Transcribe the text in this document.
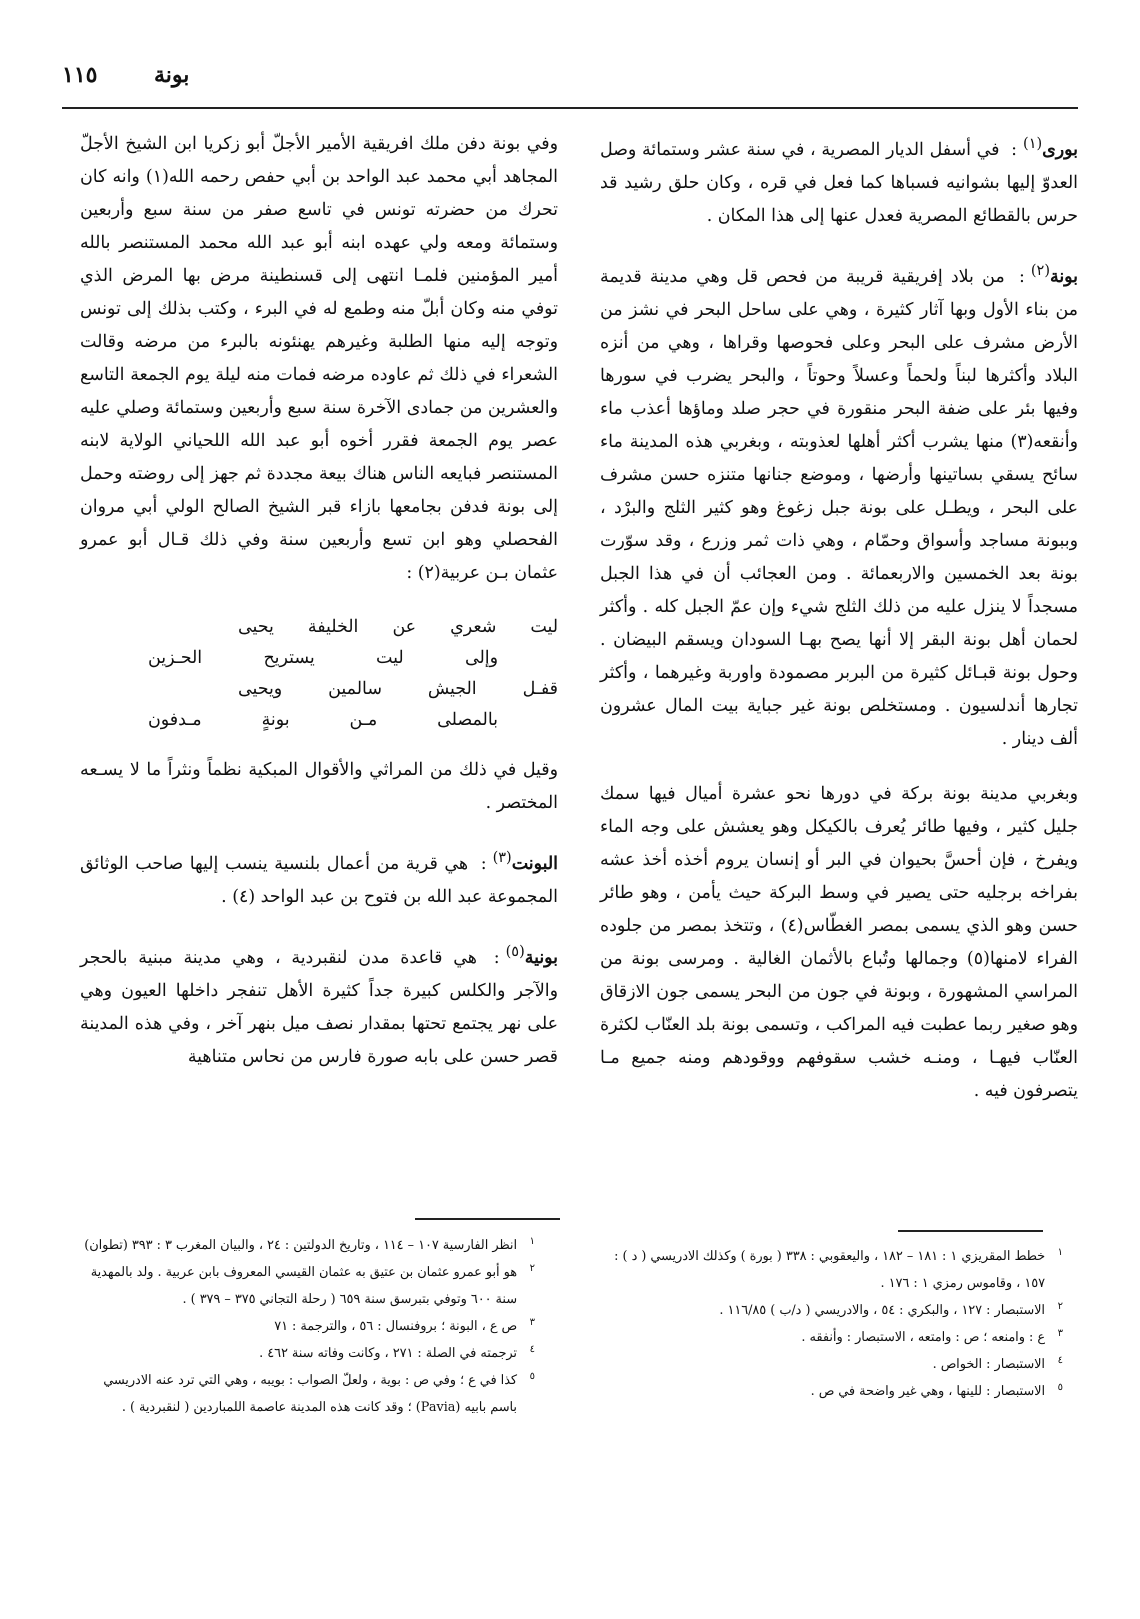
بونة
١١٥
بورى$^{(١)}$: في أسفل الديار المصرية ، في سنة عشر وستمائة وصل العدوّ إليها بشوانيه فسباها كما فعل في قره ، وكان حلق رشيد قد حرس بالقطائع المصرية فعدل عنها إلى هذا المكان .
بونة$^{(٢)}$: من بلاد إفريقية قريبة من فحص قل وهي مدينة قديمة من بناء الأول وبها آثار كثيرة ، وهي على ساحل البحر في نشز من الأرض مشرف على البحر وعلى فحوصها وقراها ، وهي من أنزه البلاد وأكثرها لبناً ولحماً وعسلاً وحوتاً ، والبحر يضرب في سورها وفيها بئر على ضفة البحر منقورة في حجر صلد وماؤها أعذب ماء وأنقعه(٣) منها يشرب أكثر أهلها لعذوبته ، وبغربي هذه المدينة ماء سائح يسقي بساتينها وأرضها ، وموضع جنانها متنزه حسن مشرف على البحر ، ويطـل على بونة جبل زغوغ وهو كثير الثلج والبرْد ، وببونة مساجد وأسواق وحمّام ، وهي ذات ثمر وزرع ، وقد سوّرت بونة بعد الخمسين والاربعمائة . ومن العجائب أن في هذا الجبل مسجداً لا ينزل عليه من ذلك الثلج شيء وإن عمّ الجبل كله . وأكثر لحمان أهل بونة البقر إلا أنها يصح بهـا السودان ويسقم البيضان . وحول بونة قبـائل كثيرة من البربر مصمودة واوربة وغيرهما ، وأكثر تجارها أندلسيون . ومستخلص بونة غير جباية بيت المال عشرون ألف دينار .
وبغربي مدينة بونة بركة في دورها نحو عشرة أميال فيها سمك جليل كثير ، وفيها طائر يُعرف بالكيكل وهو يعشش على وجه الماء ويفرخ ، فإن أحسَّ بحيوان في البر أو إنسان يروم أخذه أخذ عشه بفراخه برجليه حتى يصير في وسط البركة حيث يأمن ، وهو طائر حسن وهو الذي يسمى بمصر الغطّاس(٤) ، وتتخذ بمصر من جلوده الفراء لامنها(٥) وجمالها وتُباع بالأثمان الغالية . ومرسى بونة من المراسي المشهورة ، وبونة في جون من البحر يسمى جون الازقاق وهو صغير ربما عطبت فيه المراكب ، وتسمى بونة بلد العنّاب لكثرة العنّاب فيهـا ، ومنـه خشب سقوفهم ووقودهم ومنه جميع مـا يتصرفون فيه .
وفي بونة دفن ملك افريقية الأمير الأجلّ أبو زكريا ابن الشيخ الأجلّ المجاهد أبي محمد عبد الواحد بن أبي حفص رحمه الله(١) وانه كان تحرك من حضرته تونس في تاسع صفر من سنة سبع وأربعين وستمائة ومعه ولي عهده ابنه أبو عبد الله محمد المستنصر بالله أمير المؤمنين فلمـا انتهى إلى قسنطينة مرض بها المرض الذي توفي منه وكان أبلّ منه وطمع له في البرء ، وكتب بذلك إلى تونس وتوجه إليه منها الطلبة وغيرهم يهنئونه بالبرء من مرضه وقالت الشعراء في ذلك ثم عاوده مرضه فمات منه ليلة يوم الجمعة التاسع والعشرين من جمادى الآخرة سنة سبع وأربعين وستمائة وصلي عليه عصر يوم الجمعة فقرر أخوه أبو عبد الله اللحياني الولاية لابنه المستنصر فبايعه الناس هناك بيعة مجددة ثم جهز إلى روضته وحمل إلى بونة فدفن بجامعها بازاء قبر الشيخ الصالح الولي أبي مروان الفحصلي وهو ابن تسع وأربعين سنة وفي ذلك قـال أبو عمرو عثمان بـن عربية(٢) :
ليت شعري عن الخليفة يحيى
وإلى ليت يستريح الحـزين
قفـل الجيش سالمين ويحيى
بالمصلى مـن بونةٍ مـدفون
وقيل في ذلك من المراثي والأقوال المبكية نظماً ونثراً ما لا يسـعه المختصر .
البونت$^{(٣)}$: هي قرية من أعمال بلنسية ينسب إليها صاحب الوثائق المجموعة عبد الله بن فتوح بن عبد الواحد (٤) .
بونية$^{(٥)}$: هي قاعدة مدن لنقبردية ، وهي مدينة مبنية بالحجر والآجر والكلس كبيرة جداً كثيرة الأهل تنفجر داخلها العيون وهي على نهر يجتمع تحتها بمقدار نصف ميل بنهر آخر ، وفي هذه المدينة قصر حسن على بابه صورة فارس من نحاس متناهية
١
انظر الفارسية ١٠٧ – ١١٤ ، وتاريخ الدولتين : ٢٤ ، والبيان المغرب ٣ : ٣٩٣ (تطوان)
٢
هو أبو عمرو عثمان بن عتيق به عثمان القيسي المعروف بابن عربية . ولد بالمهدية سنة ٦٠٠ وتوفي بتبرسق سنة ٦٥٩ ( رحلة التجاني ٣٧٥ – ٣٧٩ ) .
٣
ص ع ، البونة ؛ بروفنسال : ٥٦ ، والترجمة : ٧١
٤
ترجمته في الصلة : ٢٧١ ، وكانت وفاته سنة ٤٦٢ .
٥
كذا في ع ؛ وفي ص : بوية ، ولعلّ الصواب : بويبه ، وهي التي ترد عنه الادريسي باسم بابيه (Pavia) ؛ وقد كانت هذه المدينة عاصمة اللمباردين ( لنقبردية ) .
١
خطط المقريزي ١ : ١٨١ – ١٨٢ ، واليعقوبي : ٣٣٨ ( بورة ) وكذلك الادريسي ( د ) : ١٥٧ ، وقاموس رمزي ١ : ١٧٦ .
٢
الاستبصار : ١٢٧ ، والبكري : ٥٤ ، والادريسي ( د/ب ) ١١٦/٨٥ .
٣
ع : وامنعه ؛ ص : وامتعه ، الاستبصار : وأنفقه .
٤
الاستبصار : الخواص .
٥
الاستبصار : للينها ، وهي غير واضحة في ص .
